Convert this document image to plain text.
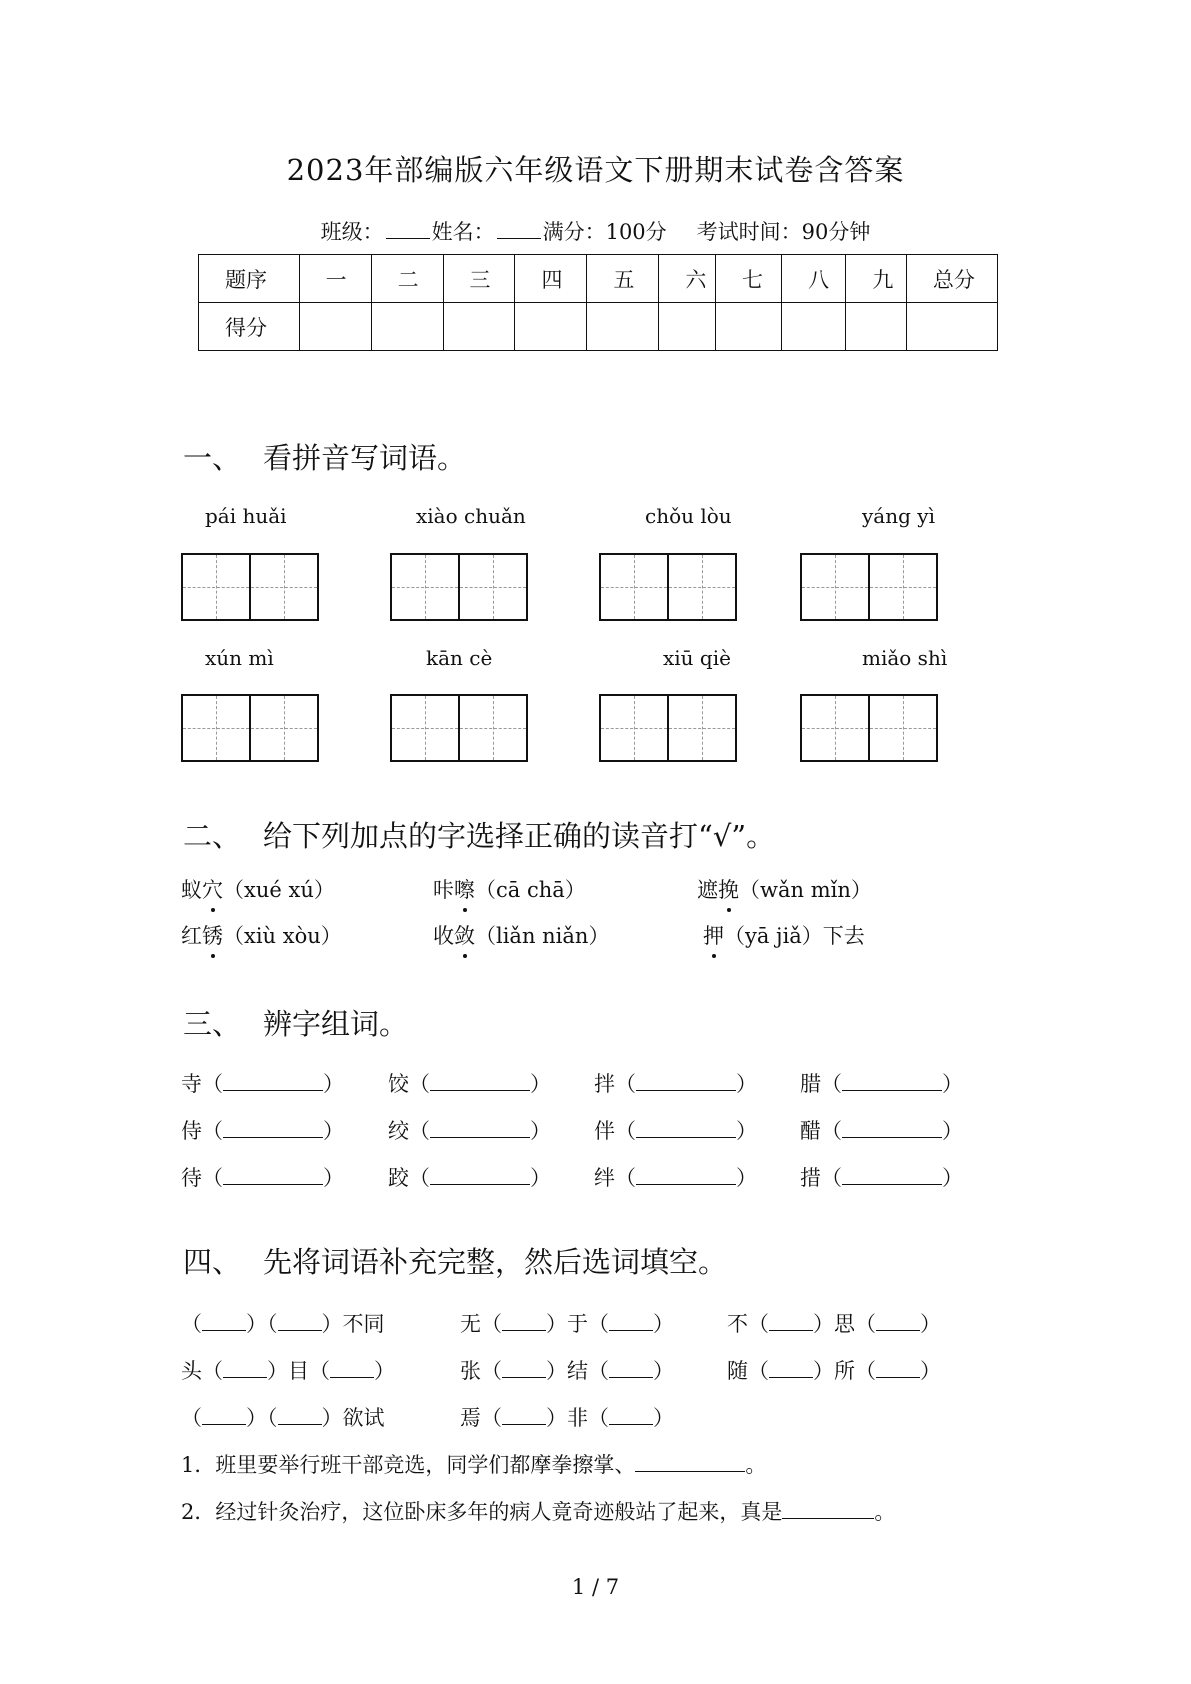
2023年部编版六年级语文下册期末试卷含答案
班级： 姓名： 满分：100分 考试时间：90分钟
题序	一	二	三	四	五	六	七	八	九	总分
得分										
一、 看拼音写词语。
pái huǎi	xiào chuǎn	chǒu lòu	yáng yì
xún mì	kān cè	xiū qiè	miǎo shì
二、 给下列加点的字选择正确的读音打“√”。
蚁穴（xué xú）	咔嚓（cā chā）	遮挽（wǎn mǐn）
红锈（xiù xòu）	收敛（liǎn niǎn）	押（yā jiǎ）下去
三、 辨字组词。
寺（	） 饺（	） 拌（	） 腊（	）
侍（	） 绞（	） 伴（	） 醋（	）
待（	） 跤（	） 绊（	） 措（	）
四、 先将词语补充完整，然后选词填空。
（ ）（ ）不同	无（ ）于（ ）	不（ ）思（ ）
头（ ）目（ ）	张（ ）结（ ）	随（ ）所（ ）
（ ）（ ）欲试	焉（ ）非（ ）
1．班里要举行班干部竞选，同学们都摩拳擦掌、	。
2．经过针灸治疗，这位卧床多年的病人竟奇迹般站了起来，真是	。
1 / 7
